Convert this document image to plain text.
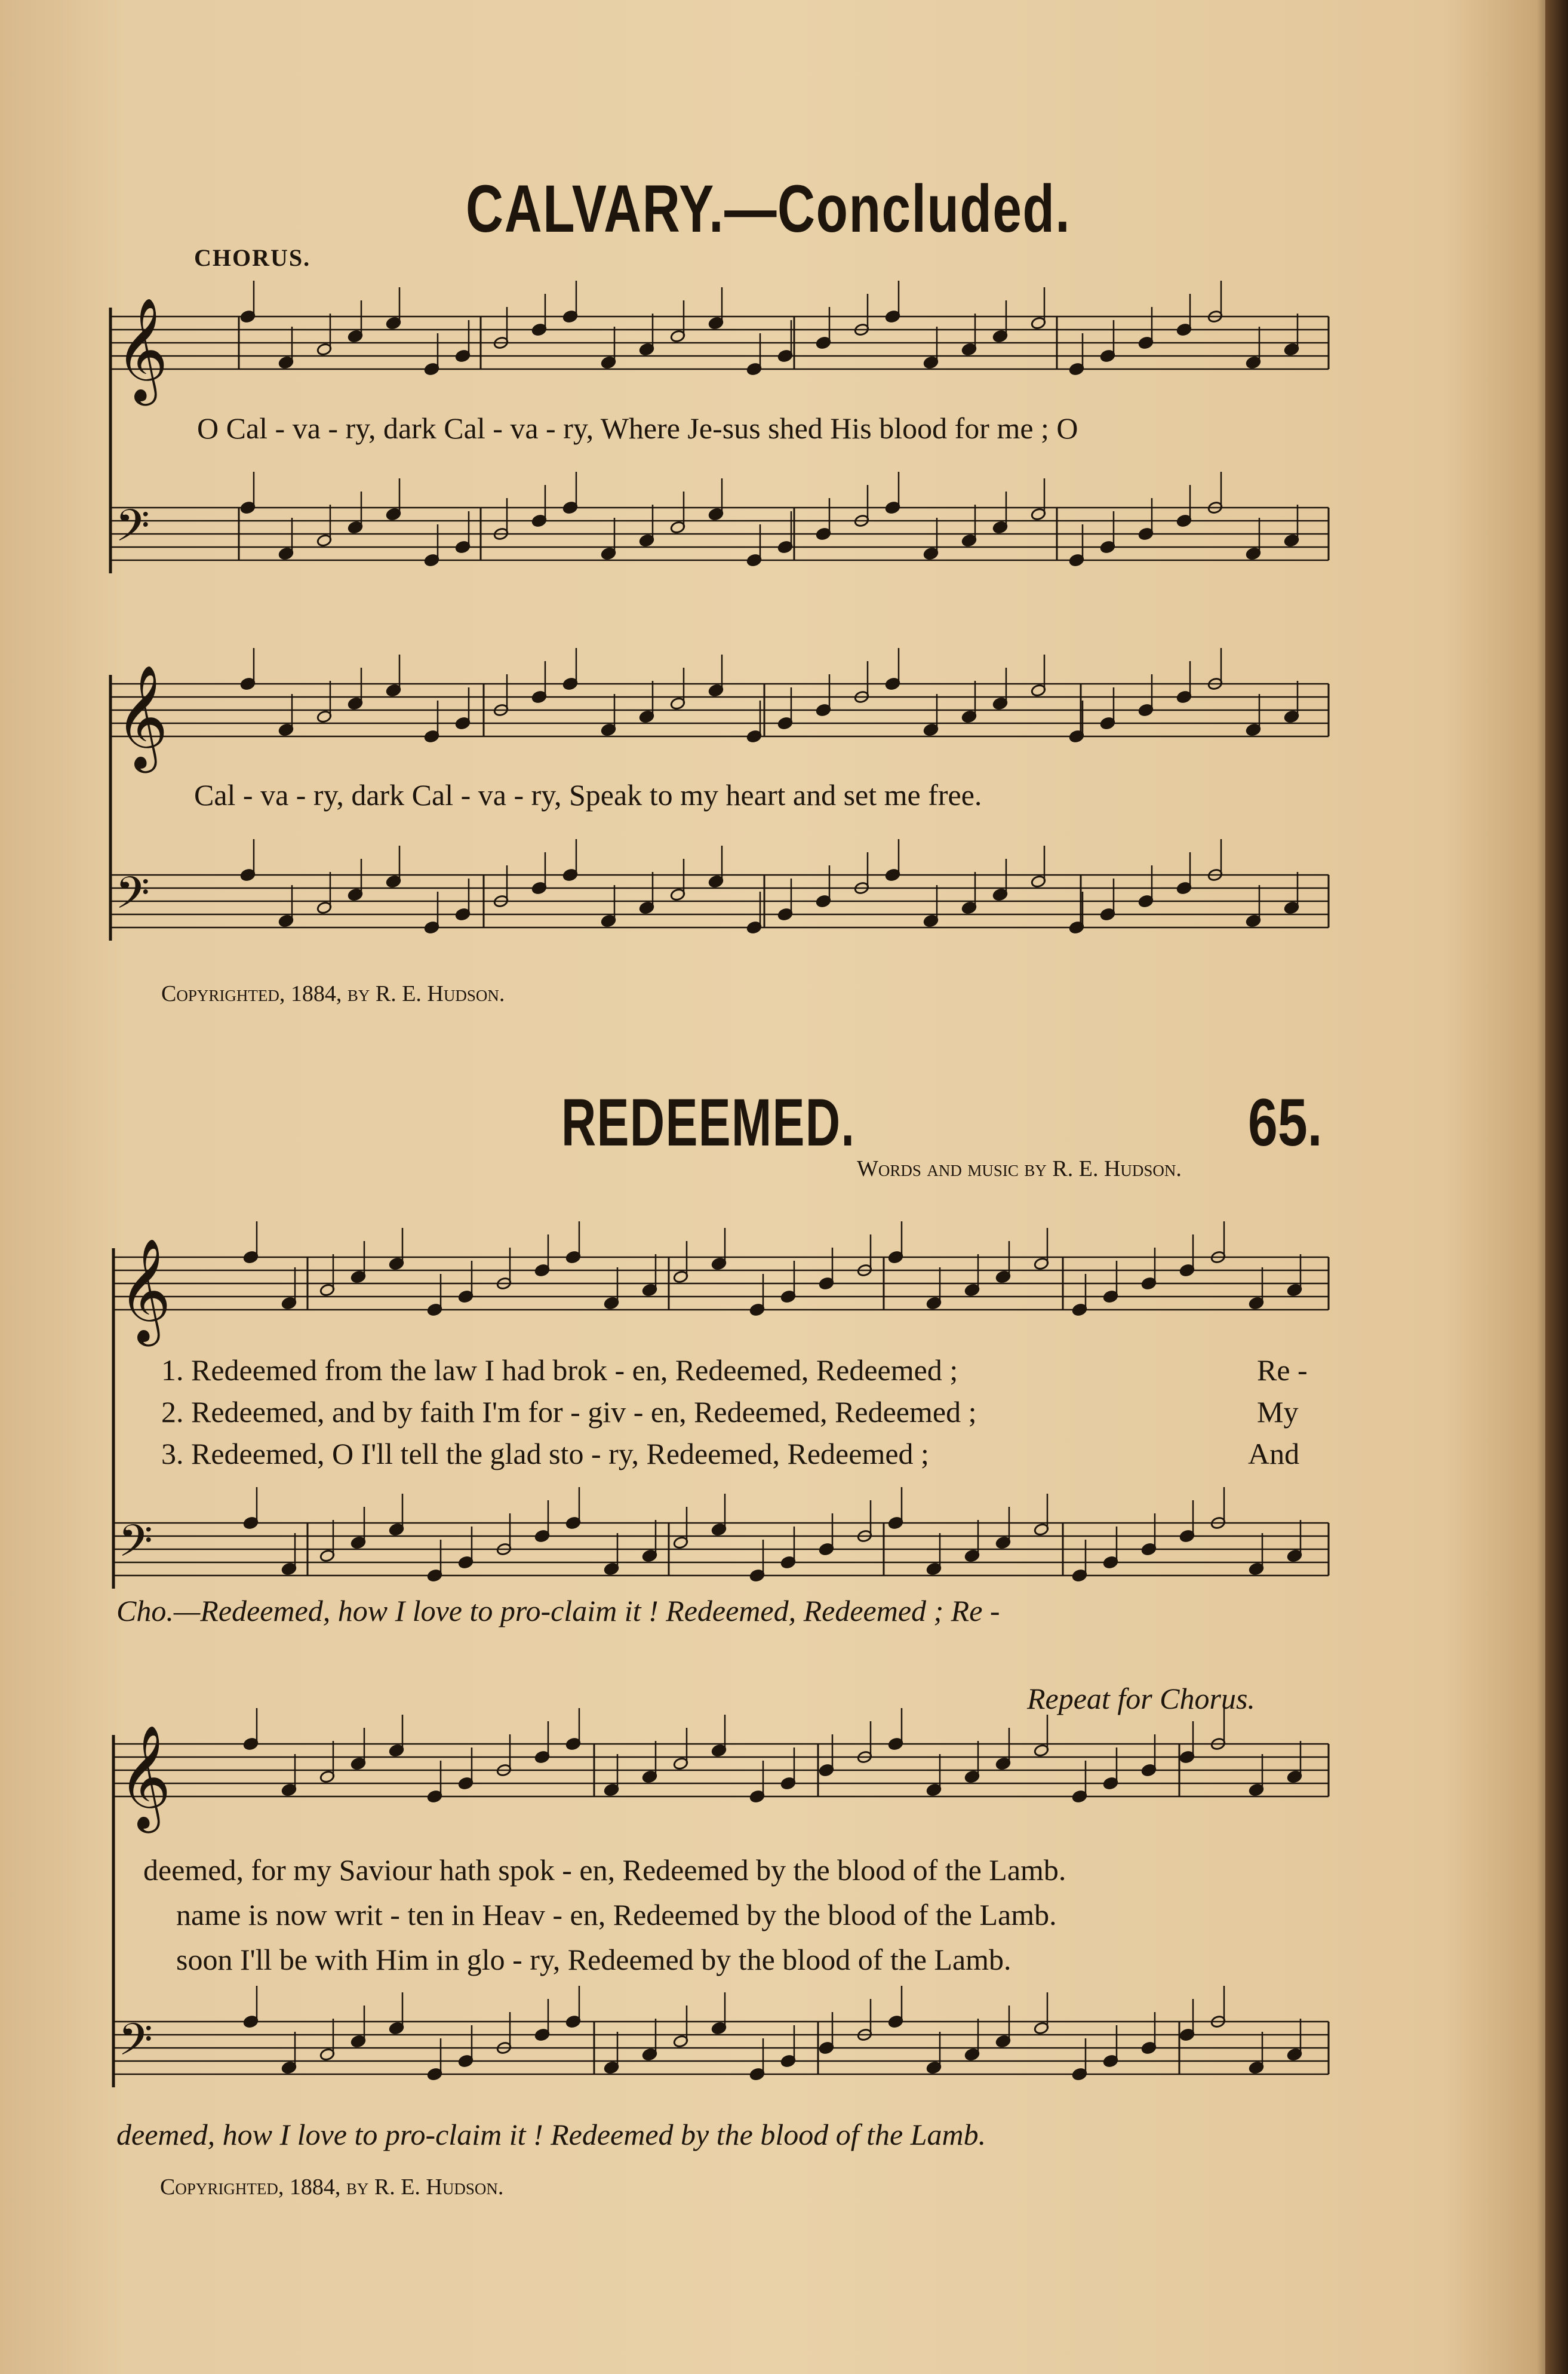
CALVARY.—Concluded.
CHORUS.
REDEEMED.	65.
𝄞
𝄢
𝄞
𝄢
𝄞
𝄢
𝄞
𝄢
O Cal - va - ry, dark Cal - va - ry, Where Je-sus shed His blood for me ; O
Cal - va - ry, dark Cal - va - ry, Speak to my heart and set me free.
Copyrighted, 1884, by R. E. Hudson.
Words and music by R. E. Hudson.
1. Redeemed from the law I had brok - en, Redeemed, Redeemed ;
2. Redeemed, and by faith I'm for - giv - en, Redeemed, Redeemed ;
3. Redeemed, O I'll tell the glad sto - ry, Redeemed, Redeemed ;
Re -
My
And
Cho.—Redeemed, how I love to pro-claim it ! Redeemed, Redeemed ; Re -
Repeat for Chorus.
deemed, for my Saviour hath spok - en, Redeemed by the blood of the Lamb.
name is now writ - ten in Heav - en, Redeemed by the blood of the Lamb.
soon I'll be with Him in glo - ry, Redeemed by the blood of the Lamb.
deemed, how I love to pro-claim it ! Redeemed by the blood of the Lamb.
Copyrighted, 1884, by R. E. Hudson.
